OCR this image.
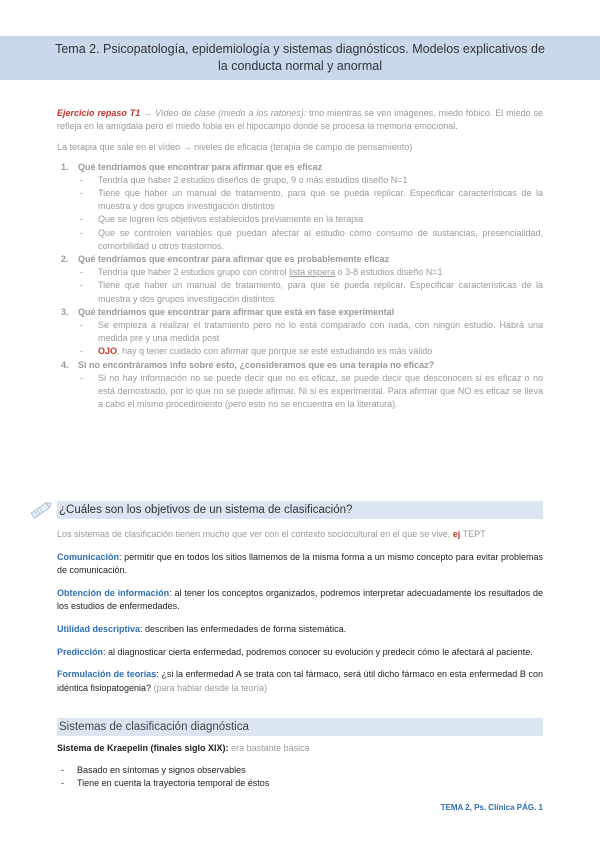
Tema 2. Psicopatología, epidemiología y sistemas diagnósticos. Modelos explicativos de
la conducta normal y anormal

Ejercicio repaso T1 → Vídeo de clase (miedo a los ratones): tmo mientras se ven imágenes, miedo fóbico. El miedo se refleja en la amígdala pero el miedo fobia en el hipocampo donde se procesa la memoria emocional.

La terapia que sale en el vídeo → niveles de eficacia (terapia de campo de pensamiento)

1. Qué tendríamos que encontrar para afirmar que es eficaz
- Tendría que haber 2 estudios diseños de grupo, 9 o más estudios diseño N=1
- Tiene que haber un manual de tratamiento, para que se pueda replicar. Especificar características de la muestra y dos grupos investigación distintos
- Que se logren los objetivos establecidos previamente en la terapia
- Que se controlen variables que puedan afectar al estudio como consumo de sustancias, presencialidad, comorbilidad u otros trastornos.
2. Qué tendríamos que encontrar para afirmar que es probablemente eficaz
- Tendría que haber 2 estudios grupo con control lista espera o 3-8 estudios diseño N=1
- Tiene que haber un manual de tratamiento, para que se pueda replicar. Especificar características de la muestra y dos grupos investigación distintos
3. Qué tendríamos que encontrar para afirmar que está en fase experimental
- Se empieza a realizar el tratamiento pero no lo está comparado con nada, con ningún estudio. Habrá una medida pre y una medida post
- OJO, hay q tener cuidado con afirmar que porque se esté estudiando es más válido
4. Si no encontráramos info sobre esto, ¿consideramos que es una terapia no eficaz?
- Si no hay información no se puede decir que no es eficaz, se puede decir que desconocen si es eficaz o no está demostrado, por lo que no se puede afirmar. Ni si es experimental. Para afirmar que NO es eficaz se lleva a cabo el mismo procedimiento (pero esto no se encuentra en la literatura).
¿Cuáles son los objetivos de un sistema de clasificación?

Los sistemas de clasificación tienen mucho que ver con el contexto sociocultural en el que se vive, ej TEPT

Comunicación: permitir que en todos los sitios llamemos de la misma forma a un mismo concepto para evitar problemas de comunicación.

Obtención de información: al tener los conceptos organizados, podremos interpretar adecuadamente los resultados de los estudios de enfermedades.

Utilidad descriptiva: describen las enfermedades de forma sistemática.

Predicción: al diagnosticar cierta enfermedad, podremos conocer su evolución y predecir cómo le afectará al paciente.

Formulación de teorías: ¿si la enfermedad A se trata con tal fármaco, será útil dicho fármaco en esta enfermedad B con idéntica fisiopatogenia? (para hablar desde la teoría)

Sistemas de clasificación diagnóstica

Sistema de Kraepelin (finales siglo XIX): era bastante básica

- Basado en síntomas y signos observables
- Tiene en cuenta la trayectoria temporal de éstos
TEMA 2, Ps. Clínica PÁG. 1
